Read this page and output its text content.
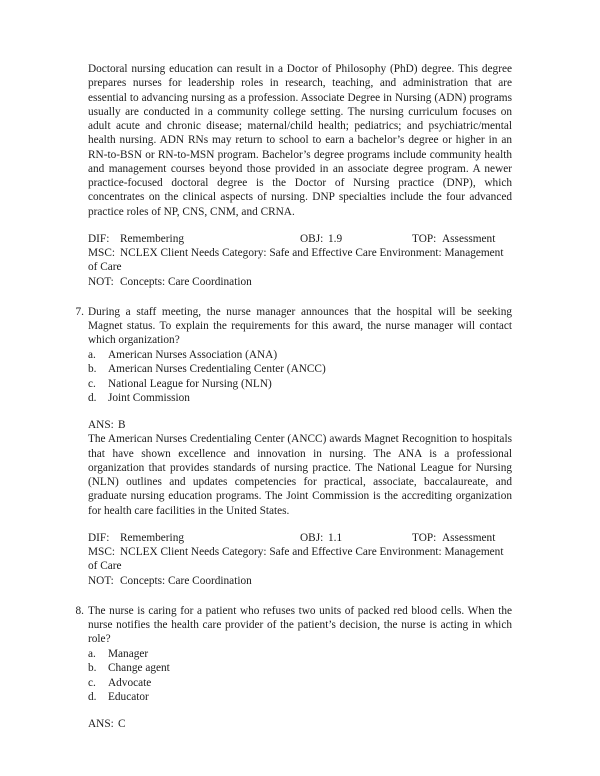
Doctoral nursing education can result in a Doctor of Philosophy (PhD) degree. This degree prepares nurses for leadership roles in research, teaching, and administration that are essential to advancing nursing as a profession. Associate Degree in Nursing (ADN) programs usually are conducted in a community college setting. The nursing curriculum focuses on adult acute and chronic disease; maternal/child health; pediatrics; and psychiatric/mental health nursing. ADN RNs may return to school to earn a bachelor’s degree or higher in an RN-to-BSN or RN-to-MSN program. Bachelor’s degree programs include community health and management courses beyond those provided in an associate degree program. A newer practice-focused doctoral degree is the Doctor of Nursing practice (DNP), which concentrates on the clinical aspects of nursing. DNP specialties include the four advanced practice roles of NP, CNS, CNM, and CRNA.

DIF: Remembering	OBJ: 1.9	TOP: Assessment
MSC: NCLEX Client Needs Category: Safe and Effective Care Environment: Management of Care
NOT: Concepts: Care Coordination
7. During a staff meeting, the nurse manager announces that the hospital will be seeking Magnet status. To explain the requirements for this award, the nurse manager will contact which organization?
a.	American Nurses Association (ANA)
b.	American Nurses Credentialing Center (ANCC)
c.	National League for Nursing (NLN)
d.	Joint Commission
ANS: B

The American Nurses Credentialing Center (ANCC) awards Magnet Recognition to hospitals that have shown excellence and innovation in nursing. The ANA is a professional organization that provides standards of nursing practice. The National League for Nursing (NLN) outlines and updates competencies for practical, associate, baccalaureate, and graduate nursing education programs. The Joint Commission is the accrediting organization for health care facilities in the United States.

DIF: Remembering	OBJ: 1.1	TOP: Assessment
MSC: NCLEX Client Needs Category: Safe and Effective Care Environment: Management of Care
NOT: Concepts: Care Coordination
8. The nurse is caring for a patient who refuses two units of packed red blood cells. When the nurse notifies the health care provider of the patient’s decision, the nurse is acting in which role?
a.	Manager
b.	Change agent
c.	Advocate
d.	Educator
ANS: C
